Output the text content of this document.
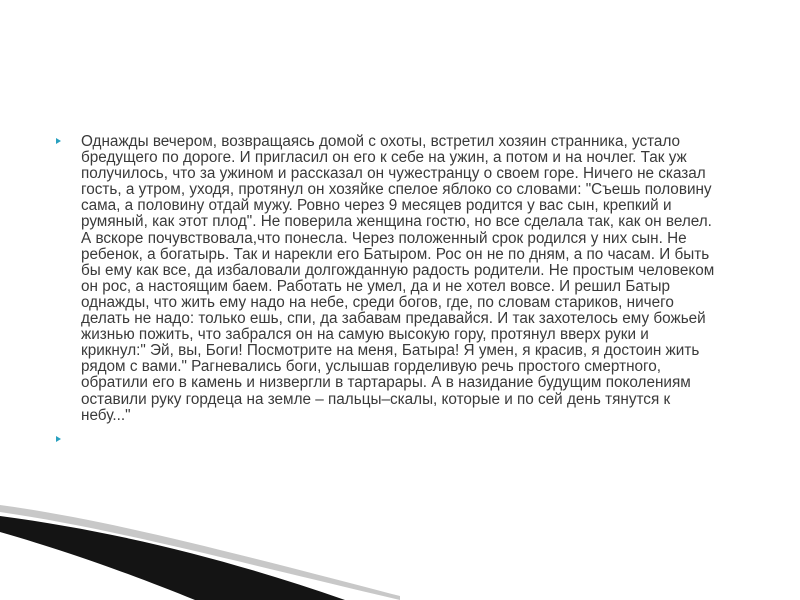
Однажды вечером, возвращаясь домой с охоты, встретил хозяин странника, устало
бредущего по дороге. И пригласил он его к себе на ужин, а потом и на ночлег. Так уж
получилось, что за ужином и рассказал он чужестранцу о своем горе. Ничего не сказал
гость, а утром, уходя, протянул он хозяйке спелое яблоко со словами: "Съешь половину
сама, а половину отдай мужу. Ровно через 9 месяцев родится у вас сын, крепкий и
румяный, как этот плод". Не поверила женщина гостю, но все сделала так, как он велел.
А вскоре почувствовала,что понесла. Через положенный срок родился у них сын. Не
ребенок, а богатырь. Так и нарекли его Батыром. Рос он не по дням, а по часам. И быть
бы ему как все, да избаловали долгожданную радость родители. Не простым человеком
он рос, а настоящим баем. Работать не умел, да и не хотел вовсе. И решил Батыр
однажды, что жить ему надо на небе, среди богов, где, по словам стариков, ничего
делать не надо: только ешь, спи, да забавам предавайся. И так захотелось ему божьей
жизнью пожить, что забрался он на самую высокую гору, протянул вверх руки и
крикнул:" Эй, вы, Боги! Посмотрите на меня, Батыра! Я умен, я красив, я достоин жить
рядом с вами." Рагневались боги, услышав горделивую речь простого смертного,
обратили его в камень и низвергли в тартарары. А в назидание будущим поколениям
оставили руку гордеца на земле – пальцы–скалы, которые и по сей день тянутся к
небу..."
